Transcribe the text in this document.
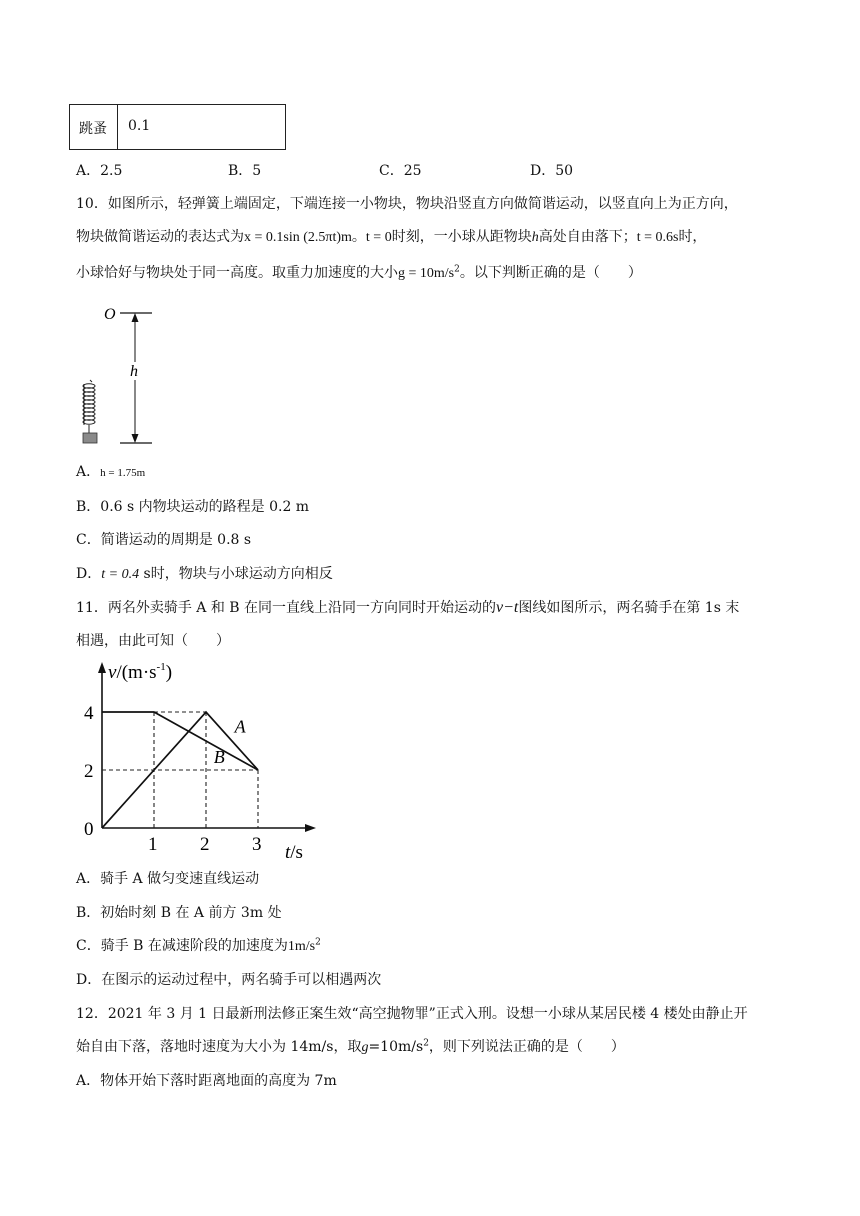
跳蚤 0.1
A．2.5	B．5	C．25	D．50
10．如图所示，轻弹簧上端固定，下端连接一小物块，物块沿竖直方向做简谐运动，以竖直向上为正方向，
物块做简谐运动的表达式为x = 0.1sin (2.5πt)m。t = 0时刻，一小球从距物块h高处自由落下；t = 0.6s时，
小球恰好与物块处于同一高度。取重力加速度的大小$g = 10m/s^2$。以下判断正确的是（　　）
O
h
A．h = 1.75m
B．0.6 s 内物块运动的路程是 0.2 m
C．简谐运动的周期是 0.8 s
D．t = 0.4 s时，物块与小球运动方向相反
11．两名外卖骑手 A 和 B 在同一直线上沿同一方向同时开始运动的v−t图线如图所示，两名骑手在第 1s 末
相遇，由此可知（　　）
A
B
1 2 3
2
4
0
$v/(m\cdot s^{-1})$
t/s
A．骑手 A 做匀变速直线运动
B．初始时刻 B 在 A 前方 3m 处
C．骑手 B 在减速阶段的加速度为$1m/s^2$
D．在图示的运动过程中，两名骑手可以相遇两次
12．2021 年 3 月 1 日最新刑法修正案生效“高空抛物罪”正式入刑。设想一小球从某居民楼 4 楼处由静止开
始自由下落，落地时速度为大小为 14m/s，取$g=10m/s^2$，则下列说法正确的是（　　）
A．物体开始下落时距离地面的高度为 7m
